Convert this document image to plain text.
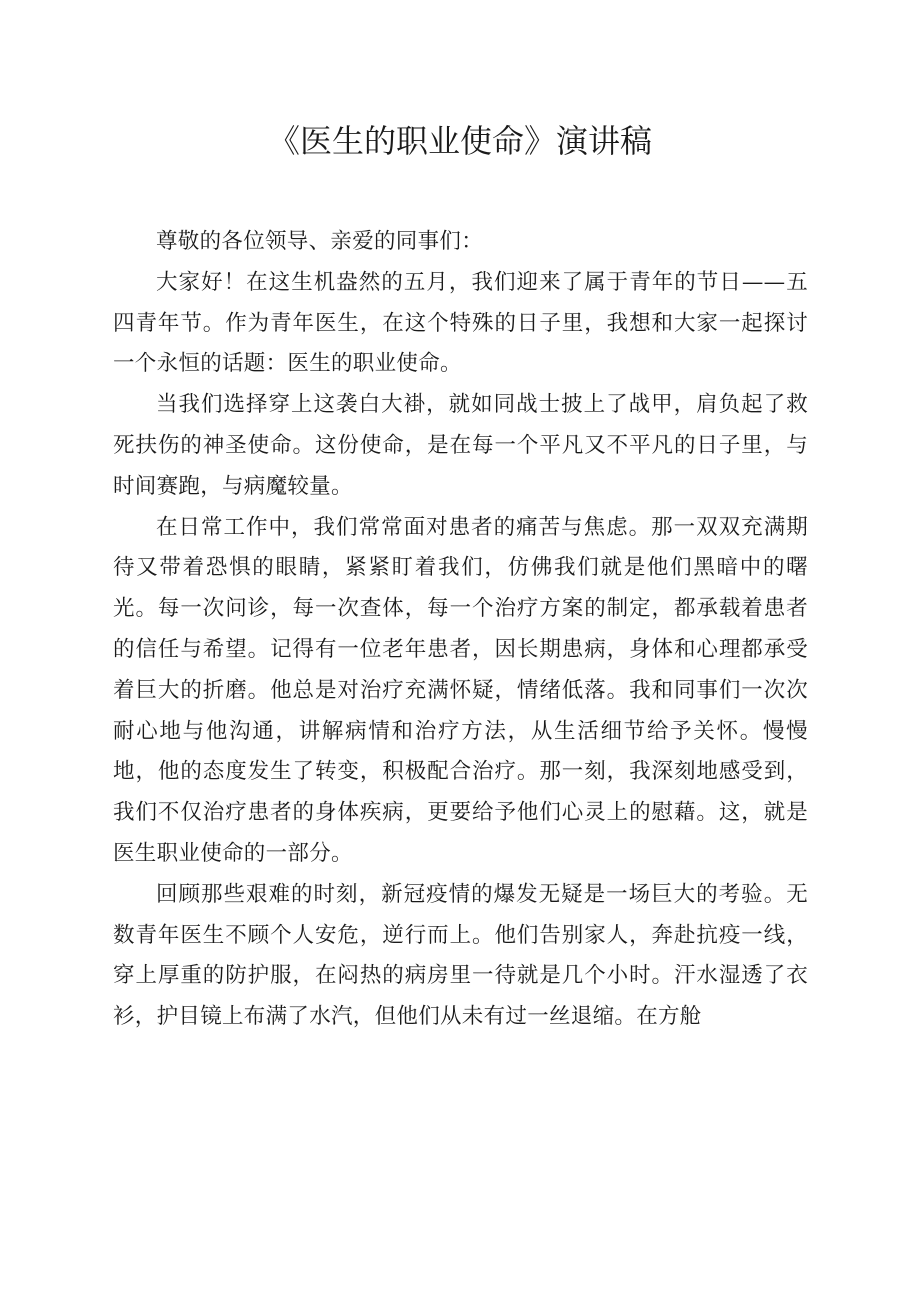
《医生的职业使命》演讲稿

尊敬的各位领导、亲爱的同事们：

大家好！在这生机盎然的五月，我们迎来了属于青年的节日——五四青年节。作为青年医生，在这个特殊的日子里，我想和大家一起探讨一个永恒的话题：医生的职业使命。

当我们选择穿上这袭白大褂，就如同战士披上了战甲，肩负起了救死扶伤的神圣使命。这份使命，是在每一个平凡又不平凡的日子里，与时间赛跑，与病魔较量。

在日常工作中，我们常常面对患者的痛苦与焦虑。那一双双充满期待又带着恐惧的眼睛，紧紧盯着我们，仿佛我们就是他们黑暗中的曙光。每一次问诊，每一次查体，每一个治疗方案的制定，都承载着患者的信任与希望。记得有一位老年患者，因长期患病，身体和心理都承受着巨大的折磨。他总是对治疗充满怀疑，情绪低落。我和同事们一次次耐心地与他沟通，讲解病情和治疗方法，从生活细节给予关怀。慢慢地，他的态度发生了转变，积极配合治疗。那一刻，我深刻地感受到，我们不仅治疗患者的身体疾病，更要给予他们心灵上的慰藉。这，就是医生职业使命的一部分。

回顾那些艰难的时刻，新冠疫情的爆发无疑是一场巨大的考验。无数青年医生不顾个人安危，逆行而上。他们告别家人，奔赴抗疫一线，穿上厚重的防护服，在闷热的病房里一待就是几个小时。汗水湿透了衣衫，护目镜上布满了水汽，但他们从未有过一丝退缩。在方舱
